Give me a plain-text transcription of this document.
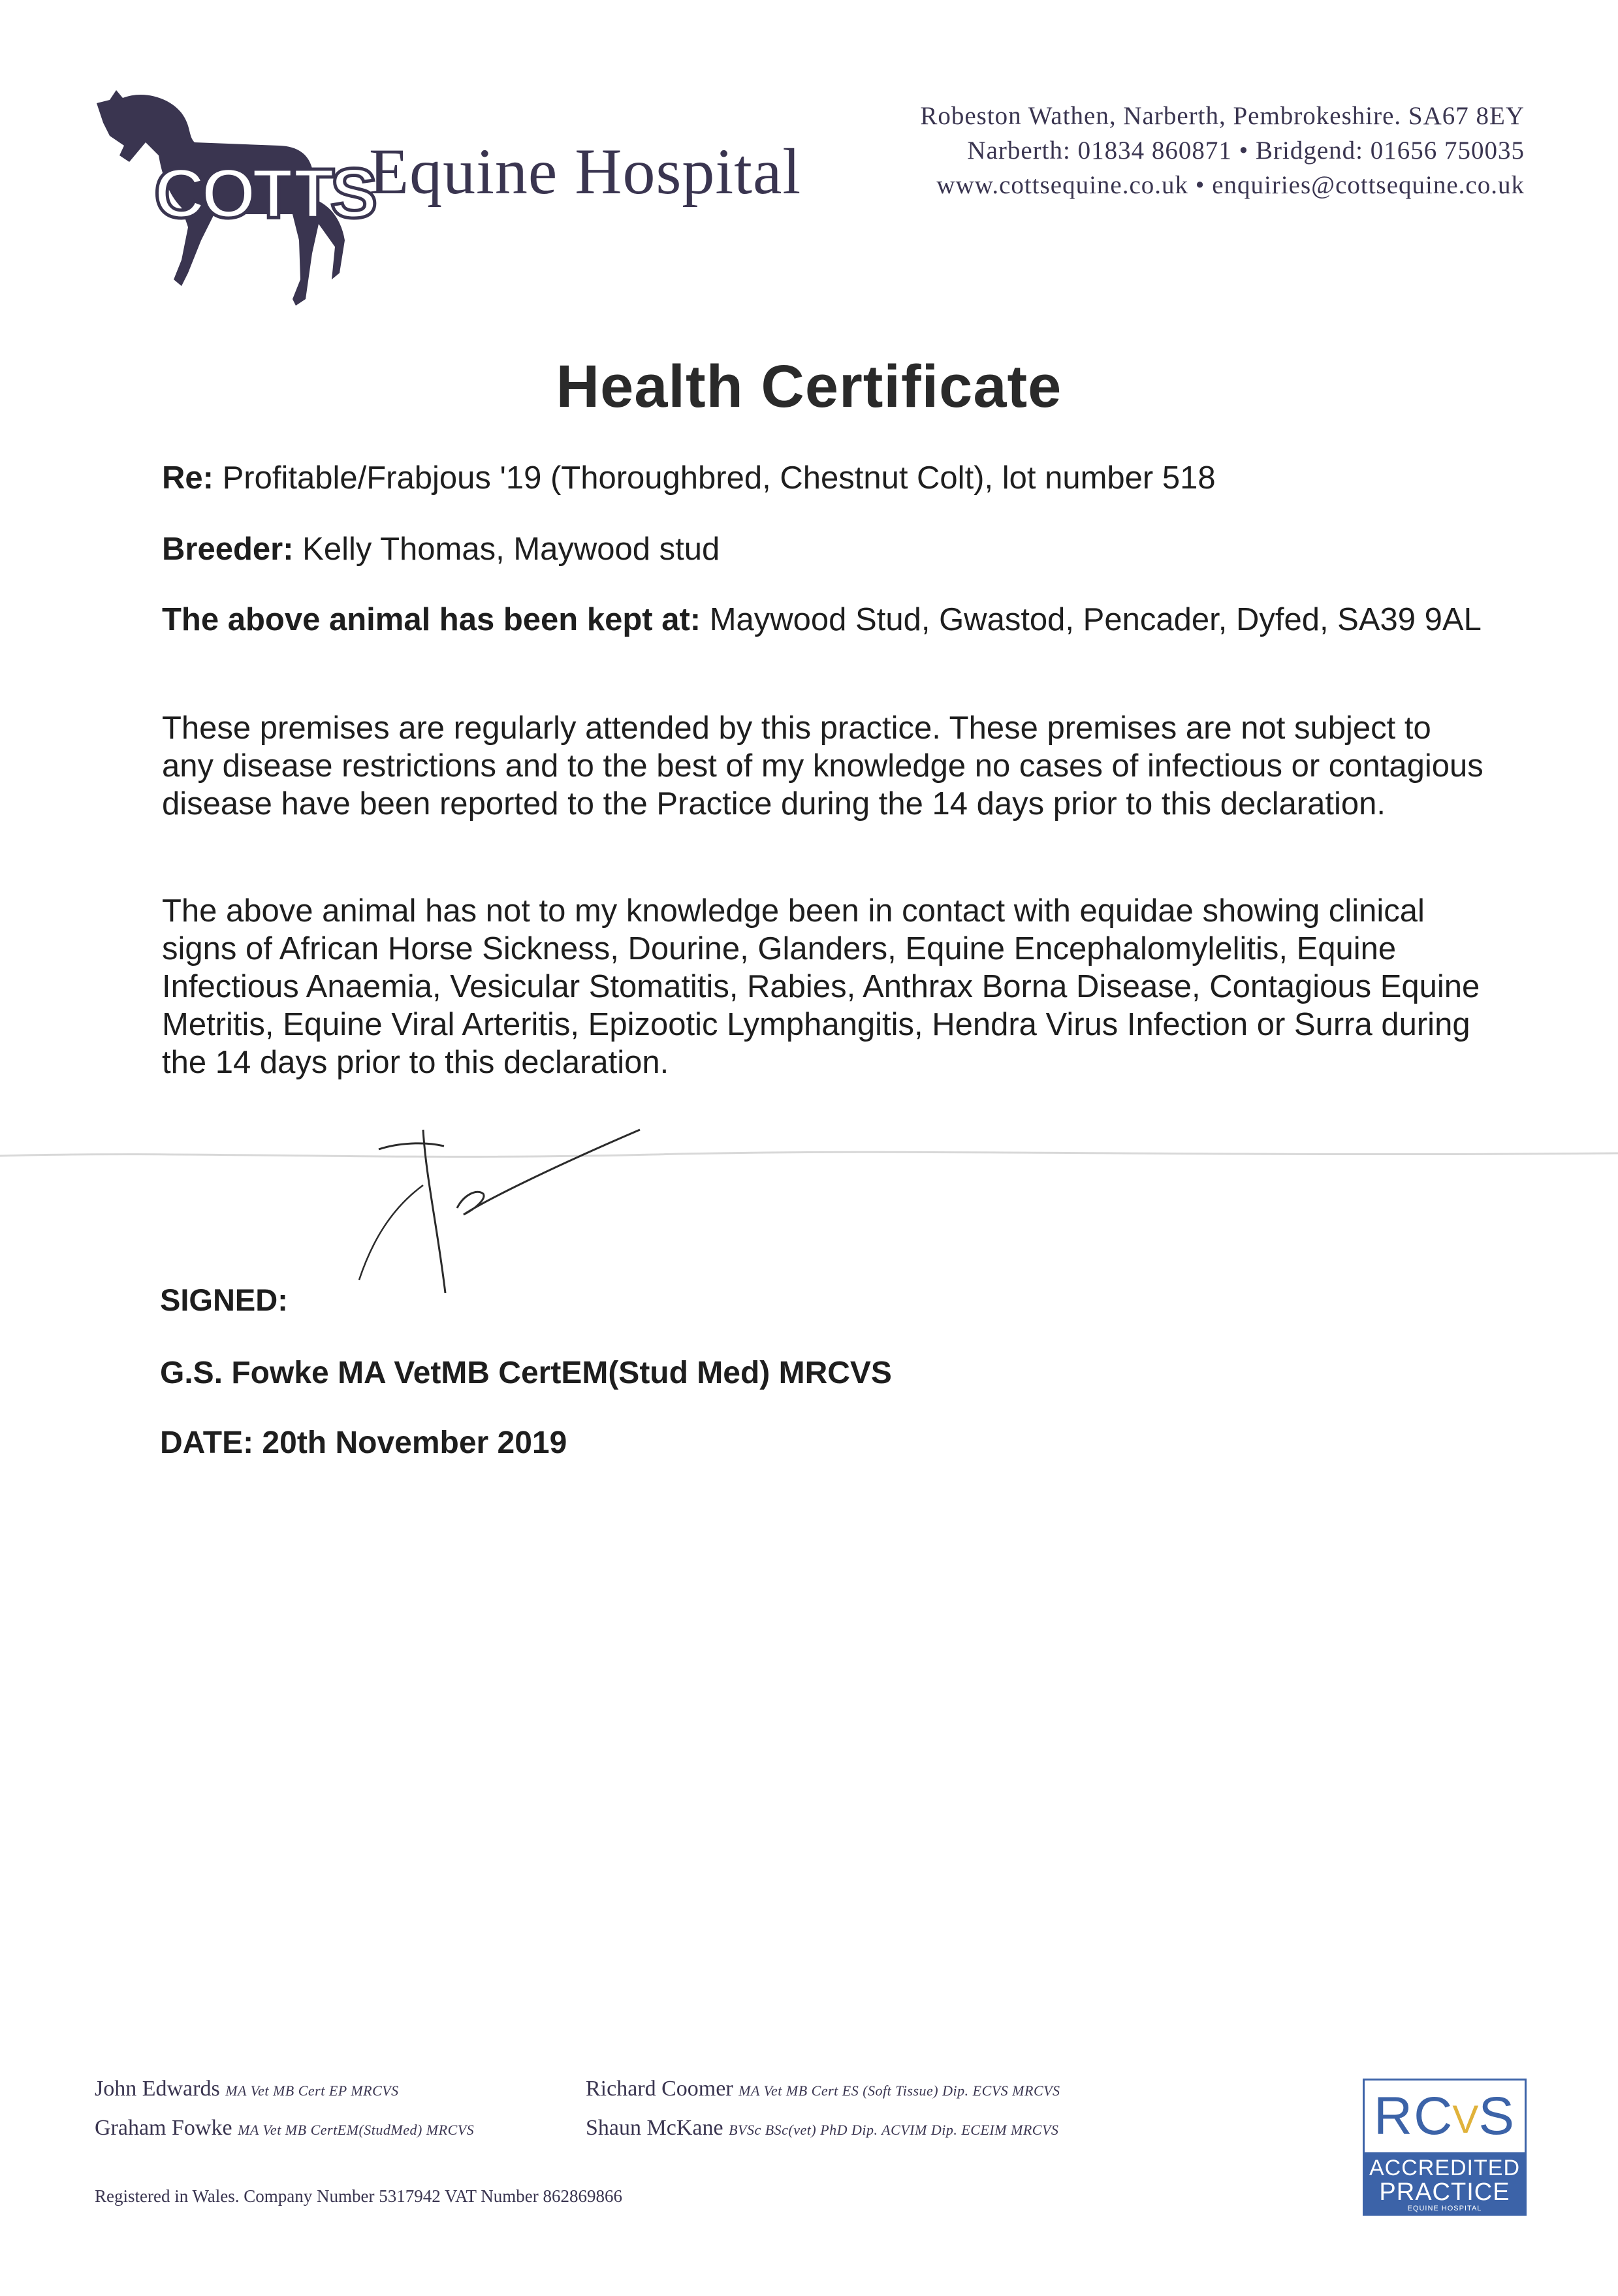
COTTS
Equine Hospital
Robeston Wathen, Narberth, Pembrokeshire. SA67 8EY
Narberth: 01834 860871 • Bridgend: 01656 750035
www.cottsequine.co.uk • enquiries@cottsequine.co.uk
Health Certificate
Re: Profitable/Frabjous '19 (Thoroughbred, Chestnut Colt), lot number 518
Breeder: Kelly Thomas, Maywood stud
The above animal has been kept at: Maywood Stud, Gwastod, Pencader, Dyfed, SA39 9AL
These premises are regularly attended by this practice. These premises are not subject to any disease restrictions and to the best of my knowledge no cases of infectious or contagious disease have been reported to the Practice during the 14 days prior to this declaration.
The above animal has not to my knowledge been in contact with equidae showing clinical signs of African Horse Sickness, Dourine, Glanders, Equine Encephalomylelitis, Equine Infectious Anaemia, Vesicular Stomatitis, Rabies, Anthrax Borna Disease, Contagious Equine Metritis, Equine Viral Arteritis, Epizootic Lymphangitis, Hendra Virus Infection or Surra during the 14 days prior to this declaration.
SIGNED:
G.S. Fowke MA VetMB CertEM(Stud Med) MRCVS
DATE: 20th November 2019
John Edwards MA Vet MB Cert EP MRCVS
Graham Fowke MA Vet MB CertEM(StudMed) MRCVS
Richard Coomer MA Vet MB Cert ES (Soft Tissue) Dip. ECVS MRCVS
Shaun McKane BVSc BSc(vet) PhD Dip. ACVIM Dip. ECEIM MRCVS
Registered in Wales. Company Number 5317942 VAT Number 862869866
RC
V
S
ACCREDITED
PRACTICE
EQUINE HOSPITAL
